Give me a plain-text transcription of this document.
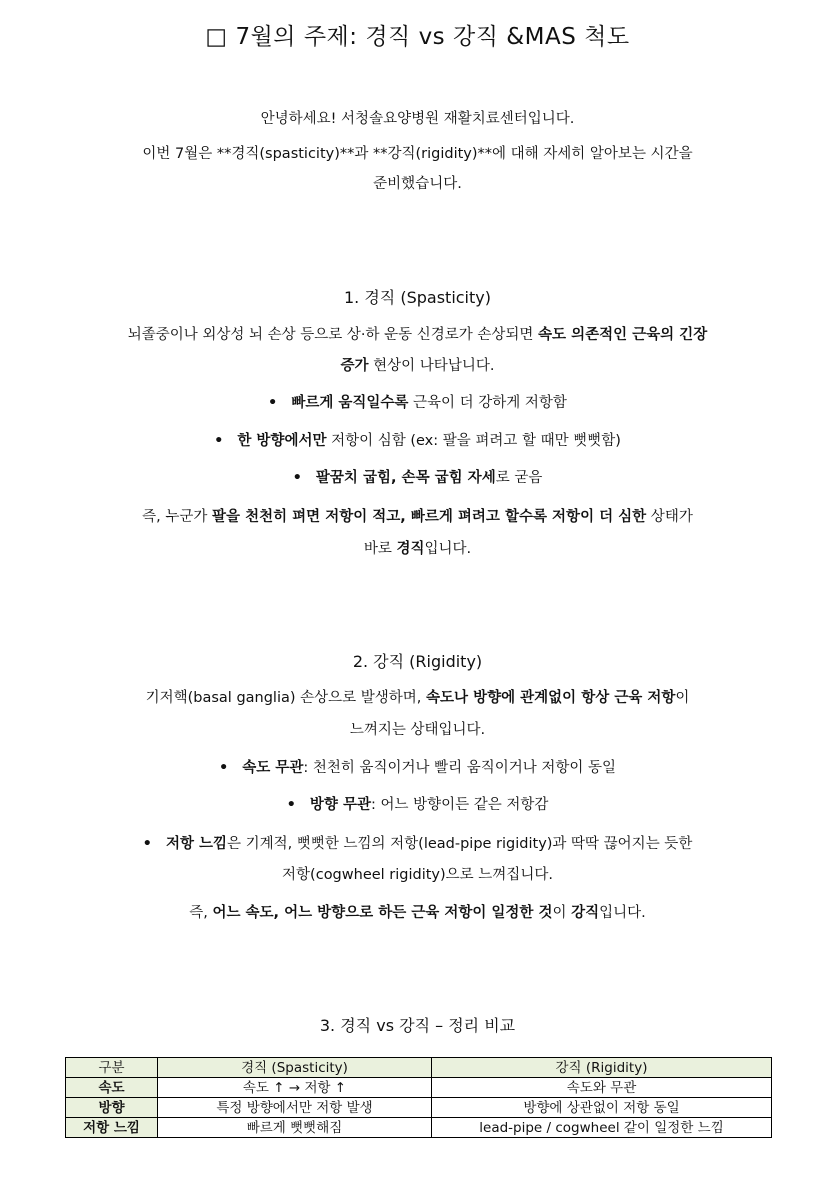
□ 7월의 주제: 경직 vs 강직 &MAS 척도
안녕하세요! 서청솔요양병원 재활치료센터입니다.
이번 7월은 **경직(spasticity)**과 **강직(rigidity)**에 대해 자세히 알아보는 시간을
준비했습니다.
1. 경직 (Spasticity)
뇌졸중이나 외상성 뇌 손상 등으로 상·하 운동 신경로가 손상되면 속도 의존적인 근육의 긴장
증가 현상이 나타납니다.
• 빠르게 움직일수록 근육이 더 강하게 저항함
• 한 방향에서만 저항이 심함 (ex: 팔을 펴려고 할 때만 뻣뻣함)
• 팔꿈치 굽힘, 손목 굽힘 자세로 굳음
즉, 누군가 팔을 천천히 펴면 저항이 적고, 빠르게 펴려고 할수록 저항이 더 심한 상태가
바로 경직입니다.
2. 강직 (Rigidity)
기저핵(basal ganglia) 손상으로 발생하며, 속도나 방향에 관계없이 항상 근육 저항이
느껴지는 상태입니다.
• 속도 무관: 천천히 움직이거나 빨리 움직이거나 저항이 동일
• 방향 무관: 어느 방향이든 같은 저항감
• 저항 느낌은 기계적, 뻣뻣한 느낌의 저항(lead-pipe rigidity)과 딱딱 끊어지는 듯한
저항(cogwheel rigidity)으로 느껴집니다.
즉, 어느 속도, 어느 방향으로 하든 근육 저항이 일정한 것이 강직입니다.
3. 경직 vs 강직 – 정리 비교
구분	경직 (Spasticity)	강직 (Rigidity)
속도	속도 ↑ → 저항 ↑	속도와 무관
방향	특정 방향에서만 저항 발생	방향에 상관없이 저항 동일
저항 느낌	빠르게 뻣뻣해짐	lead-pipe / cogwheel 같이 일정한 느낌
